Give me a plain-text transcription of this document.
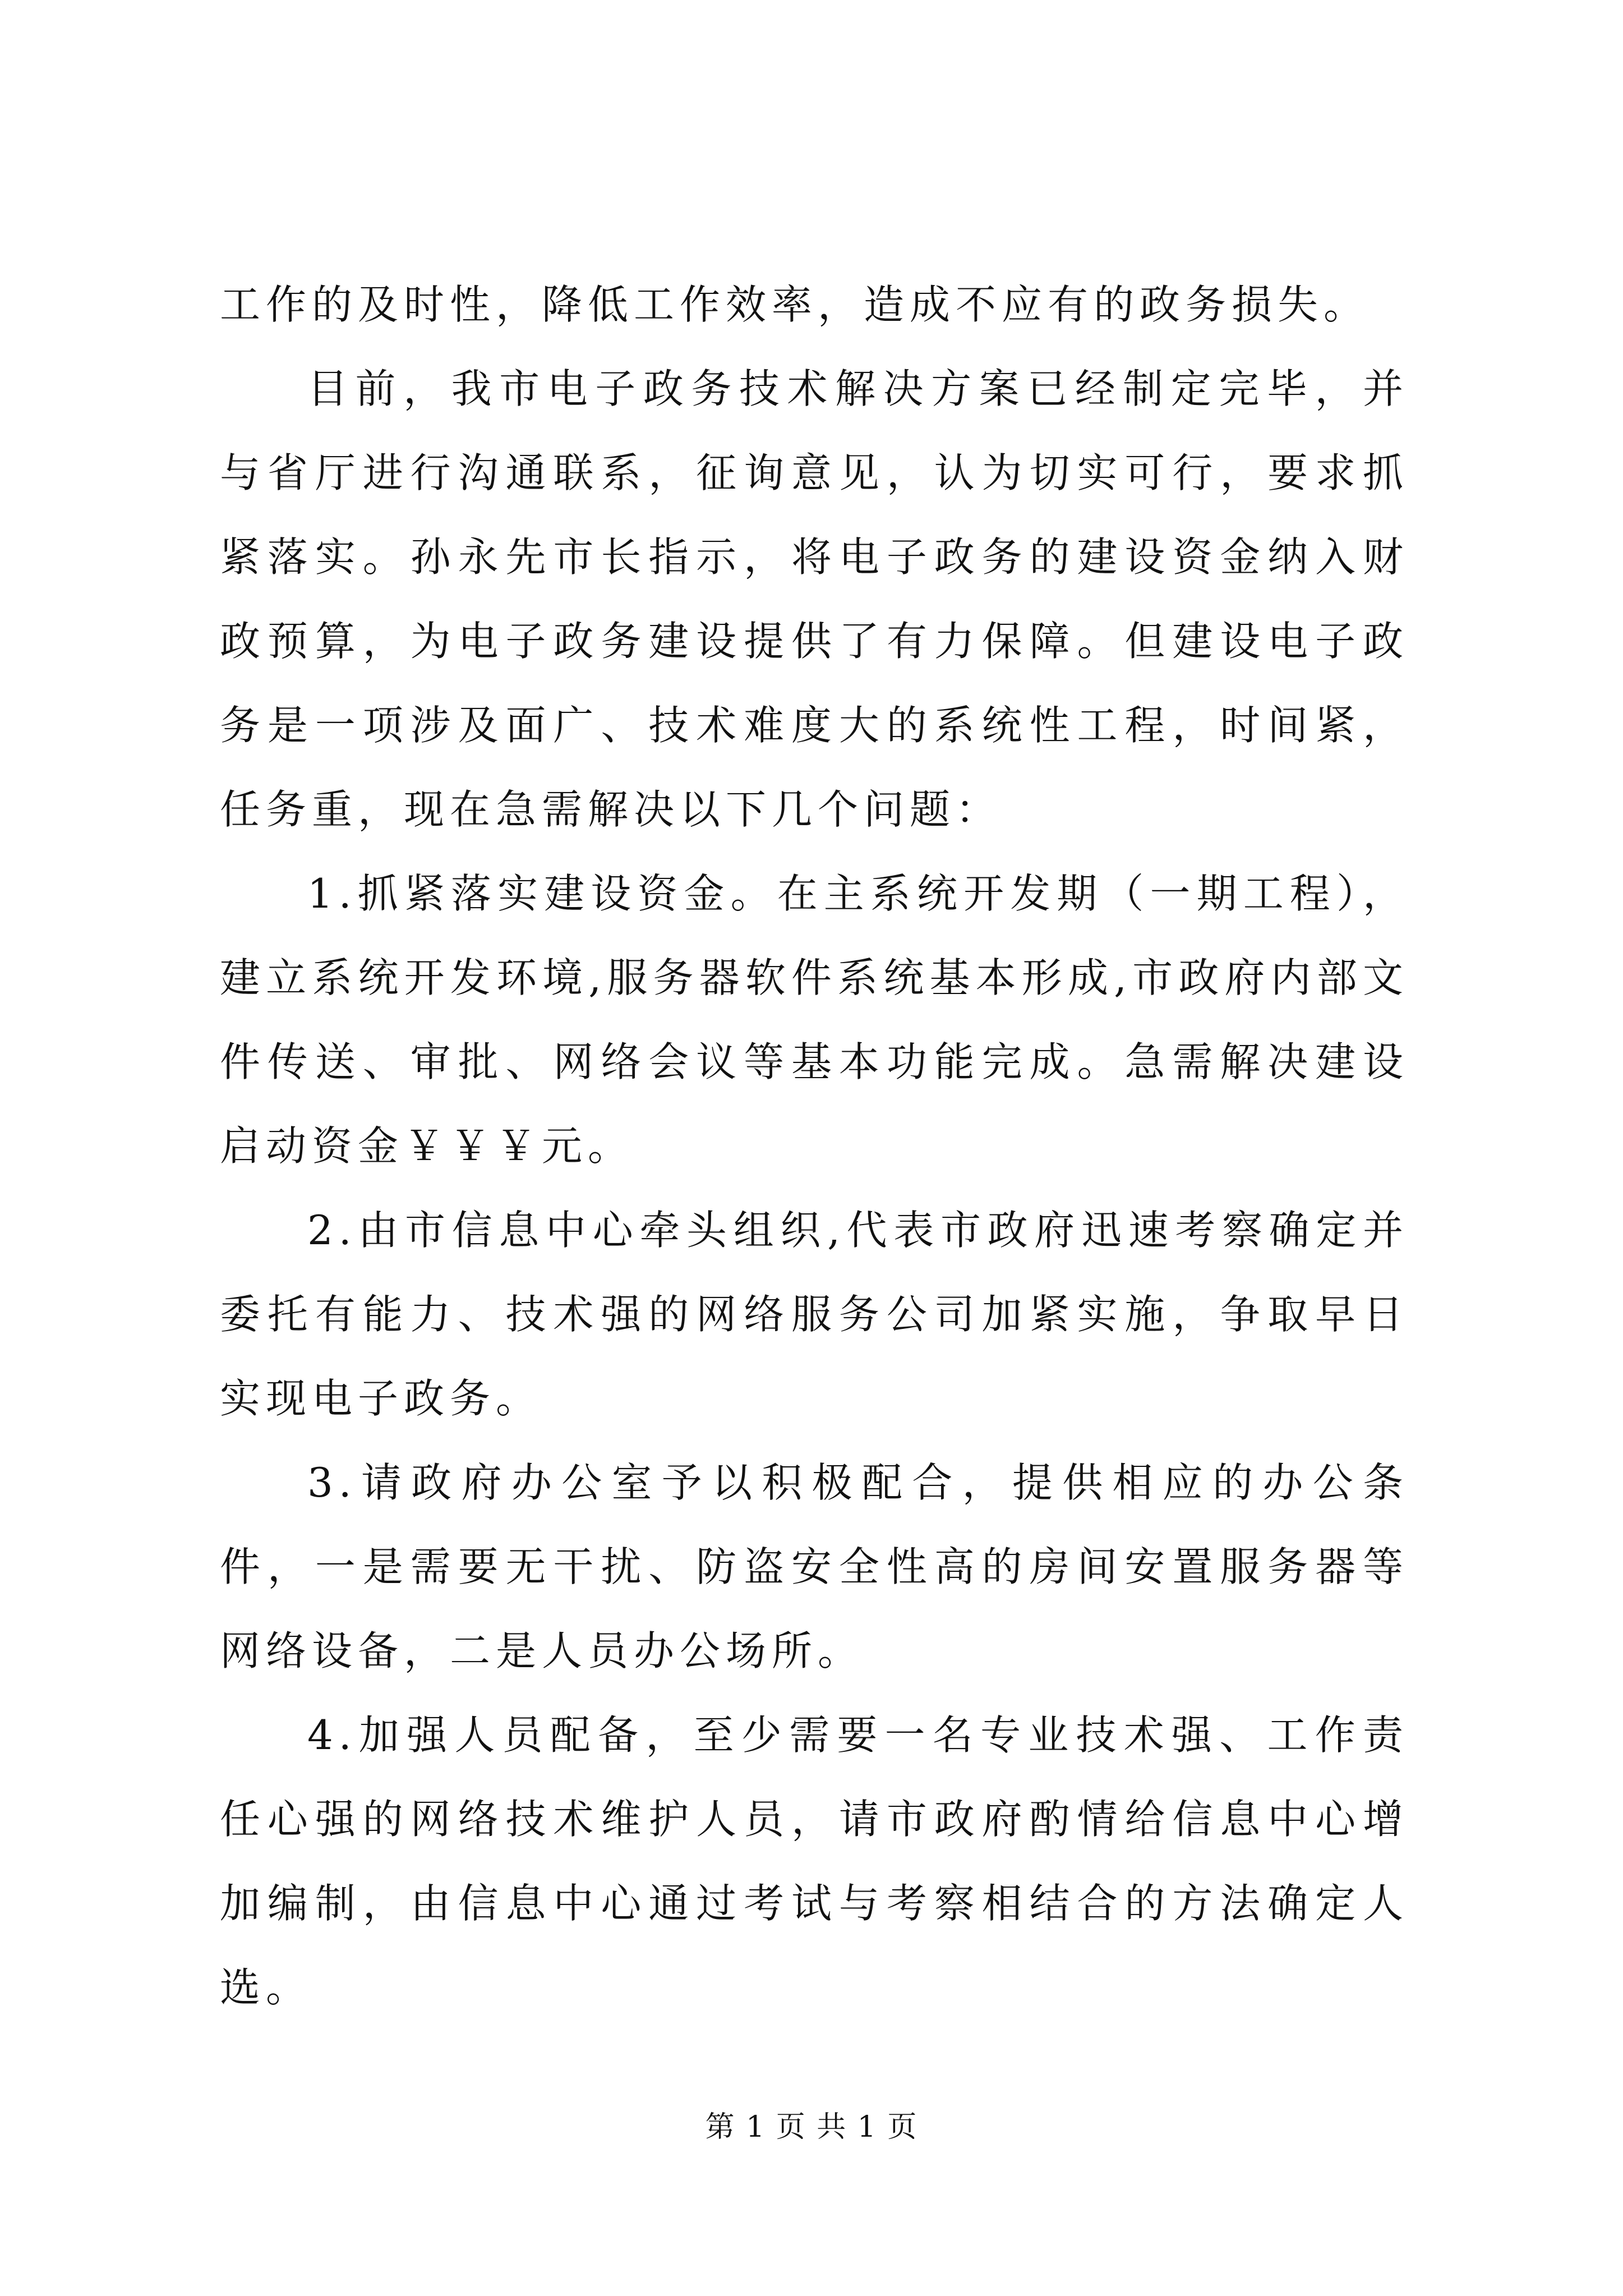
工作的及时性，降低工作效率，造成不应有的政务损失。

目前，我市电子政务技术解决方案已经制定完毕，并与省厅进行沟通联系，征询意见，认为切实可行，要求抓紧落实。孙永先市长指示，将电子政务的建设资金纳入财政预算，为电子政务建设提供了有力保障。但建设电子政务是一项涉及面广、技术难度大的系统性工程，时间紧，任务重，现在急需解决以下几个问题：

1.抓紧落实建设资金。在主系统开发期（一期工程），建立系统开发环境,服务器软件系统基本形成,市政府内部文件传送、审批、网络会议等基本功能完成。急需解决建设启动资金￥￥￥元。

2.由市信息中心牵头组织,代表市政府迅速考察确定并委托有能力、技术强的网络服务公司加紧实施，争取早日实现电子政务。

3.请政府办公室予以积极配合，提供相应的办公条件，一是需要无干扰、防盗安全性高的房间安置服务器等网络设备，二是人员办公场所。

4.加强人员配备，至少需要一名专业技术强、工作责任心强的网络技术维护人员，请市政府酌情给信息中心增加编制，由信息中心通过考试与考察相结合的方法确定人选。

第 1 页 共 1 页
